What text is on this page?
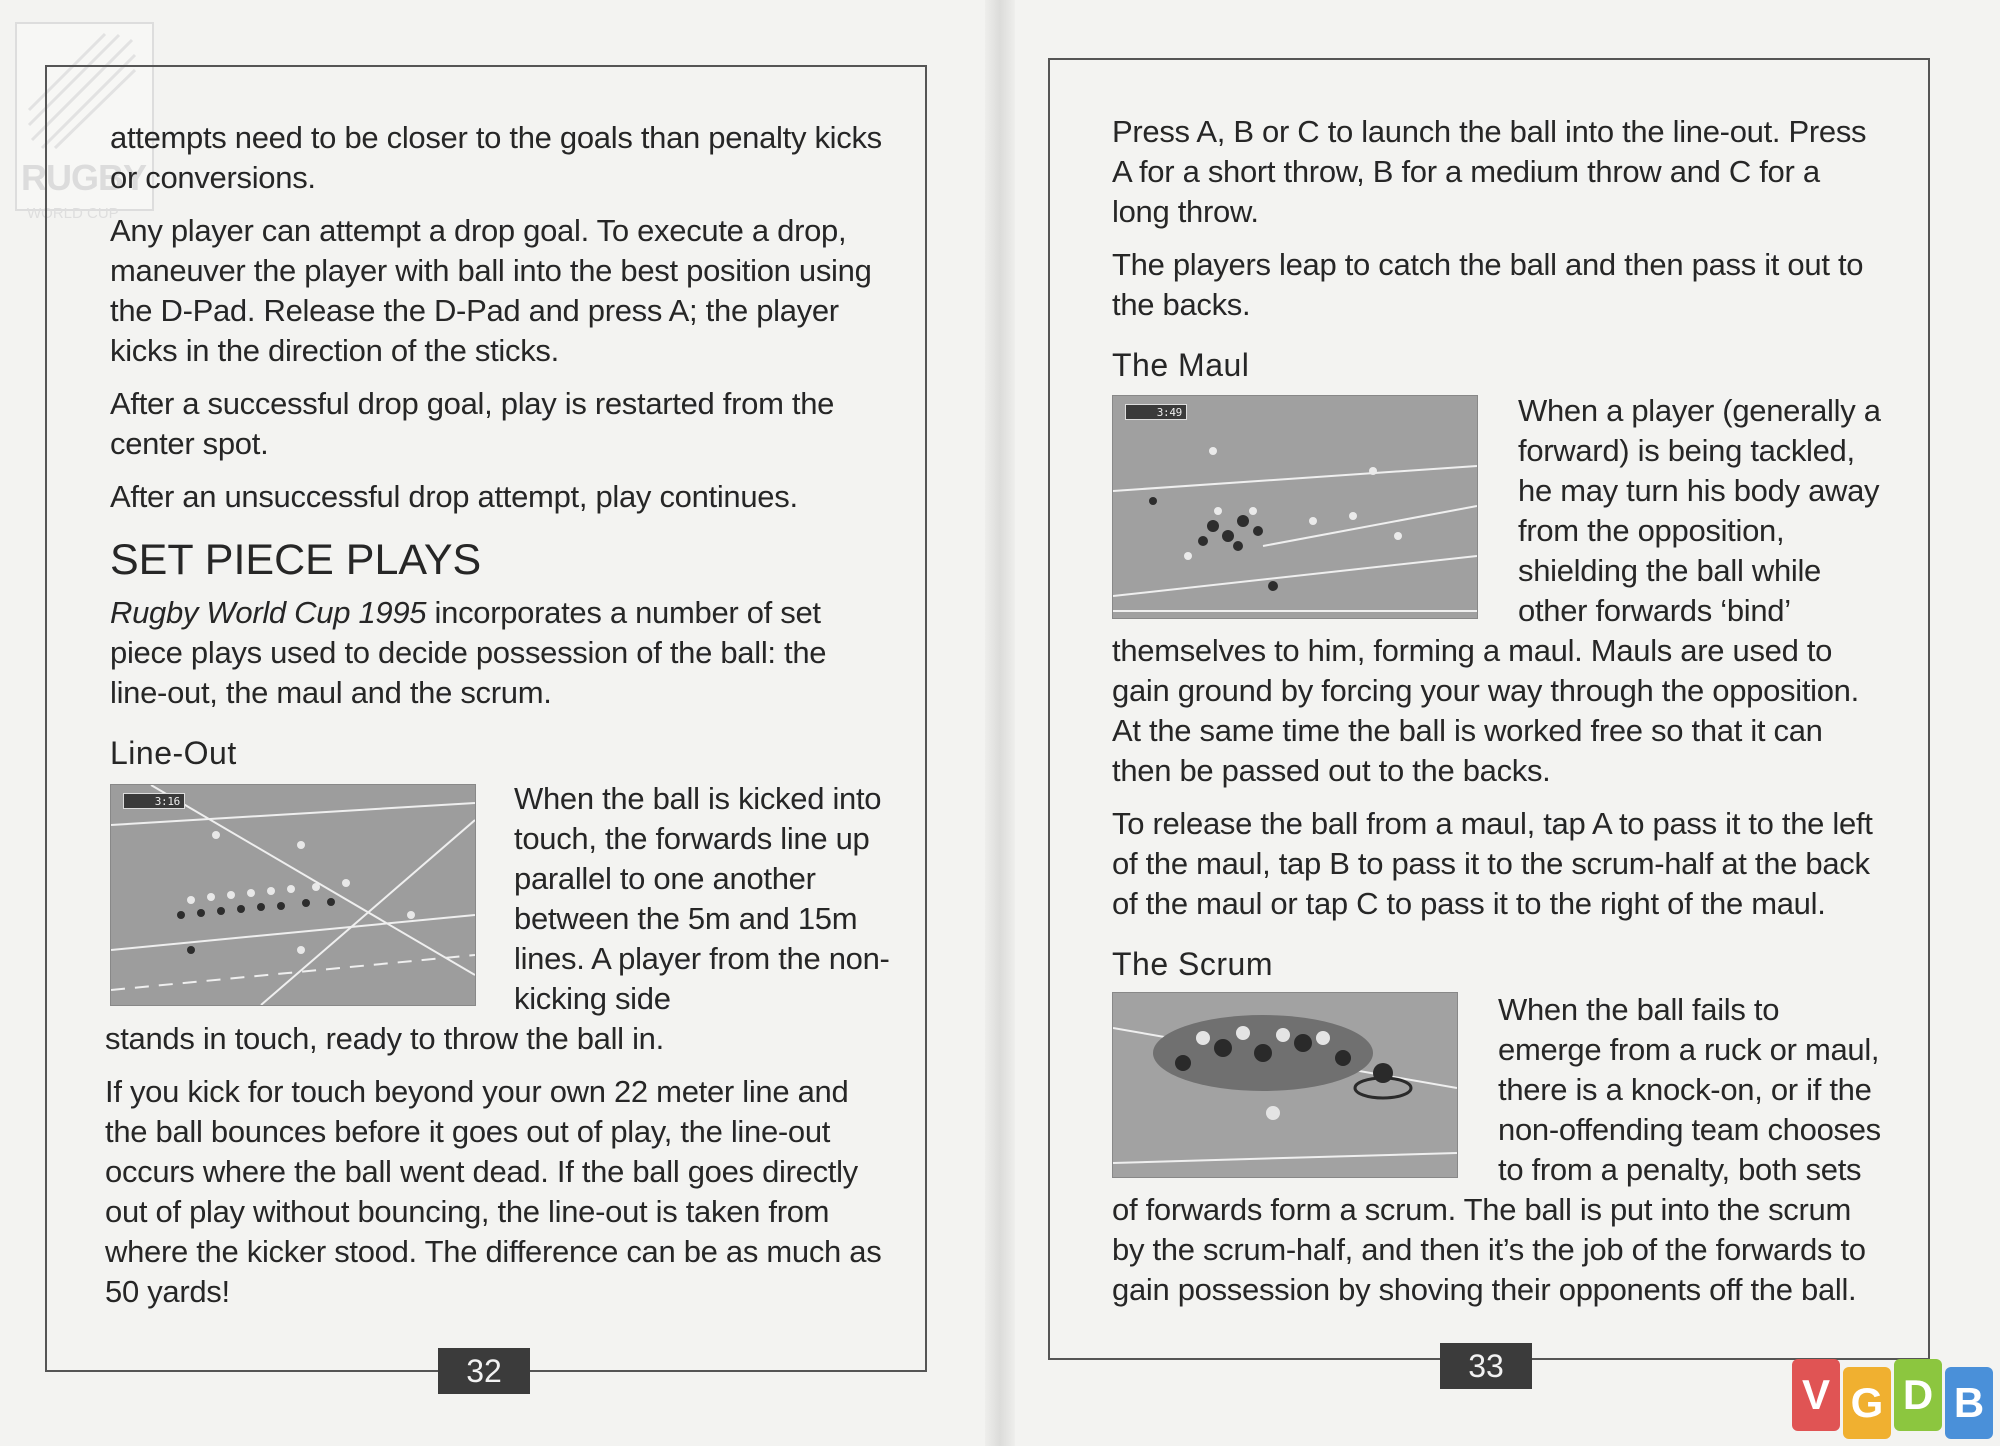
RUGBY
WORLD CUP

attempts need to be closer to the goals than penalty kicks or conversions.

Any player can attempt a drop goal. To execute a drop, maneuver the player with ball into the best position using the D-Pad. Release the D-Pad and press A; the player kicks in the direction of the sticks.

After a successful drop goal, play is restarted from the center spot.

After an unsuccessful drop attempt, play continues.

SET PIECE PLAYS

Rugby World Cup 1995 incorporates a number of set piece plays used to decide possession of the ball: the line-out, the maul and the scrum.

Line-Out
3:16	When the ball is kicked into touch, the forwards line up parallel to one another between the 5m and 15m lines. A player from the non-kicking side

stands in touch, ready to throw the ball in.

If you kick for touch beyond your own 22 meter line and the ball bounces before it goes out of play, the line-out occurs where the ball went dead. If the ball goes directly out of play without bouncing, the line-out is taken from where the kicker stood. The difference can be as much as 50 yards!

32

Press A, B or C to launch the ball into the line-out. Press A for a short throw, B for a medium throw and C for a long throw.

The players leap to catch the ball and then pass it out to the backs.

The Maul
3:49	When a player (generally a forward) is being tackled, he may turn his body away from the opposition, shielding the ball while other forwards ‘bind’

themselves to him, forming a maul. Mauls are used to gain ground by forcing your way through the opposition. At the same time the ball is worked free so that it can then be passed out to the backs.

To release the ball from a maul, tap A to pass it to the left of the maul, tap B to pass it to the scrum-half at the back of the maul or tap C to pass it to the right of the maul.

The Scrum
When the ball fails to emerge from a ruck or maul, there is a knock-on, or if the non-offending team chooses to from a penalty, both sets

of forwards form a scrum. The ball is put into the scrum by the scrum-half, and then it’s the job of the forwards to gain possession by shoving their opponents off the ball.

33
V G D B
